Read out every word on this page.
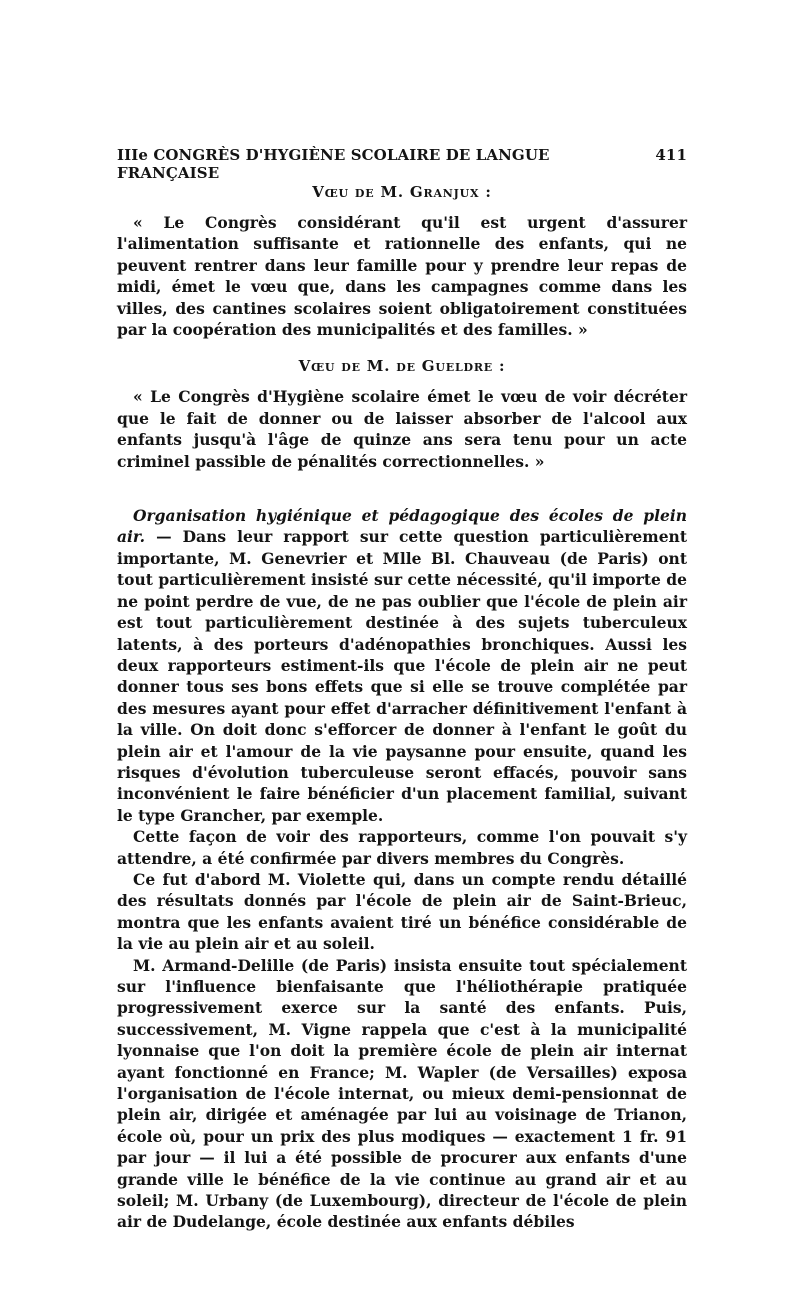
IIIe CONGRÈS D'HYGIÈNE SCOLAIRE DE LANGUE FRANÇAISE
411
Vœu de M. Granjux :

« Le Congrès considérant qu'il est urgent d'assurer l'alimentation suffisante et rationnelle des enfants, qui ne peuvent rentrer dans leur famille pour y prendre leur repas de midi, émet le vœu que, dans les campagnes comme dans les villes, des cantines scolaires soient obligatoirement constituées par la coopération des municipalités et des familles. »

Vœu de M. de Gueldre :

« Le Congrès d'Hygiène scolaire émet le vœu de voir décréter que le fait de donner ou de laisser absorber de l'alcool aux enfants jusqu'à l'âge de quinze ans sera tenu pour un acte criminel passible de pénalités correctionnelles. »

Organisation hygiénique et pédagogique des écoles de plein air. — Dans leur rapport sur cette question particulièrement importante, M. Genevrier et Mlle Bl. Chauveau (de Paris) ont tout particulièrement insisté sur cette nécessité, qu'il importe de ne point perdre de vue, de ne pas oublier que l'école de plein air est tout particulièrement destinée à des sujets tuberculeux latents, à des porteurs d'adénopathies bronchiques. Aussi les deux rapporteurs estiment-ils que l'école de plein air ne peut donner tous ses bons effets que si elle se trouve complétée par des mesures ayant pour effet d'arracher définitivement l'enfant à la ville. On doit donc s'efforcer de donner à l'enfant le goût du plein air et l'amour de la vie paysanne pour ensuite, quand les risques d'évolution tuberculeuse seront effacés, pouvoir sans inconvénient le faire bénéficier d'un placement familial, suivant le type Grancher, par exemple.

Cette façon de voir des rapporteurs, comme l'on pouvait s'y attendre, a été confirmée par divers membres du Congrès.

Ce fut d'abord M. Violette qui, dans un compte rendu détaillé des résultats donnés par l'école de plein air de Saint-Brieuc, montra que les enfants avaient tiré un bénéfice considérable de la vie au plein air et au soleil.

M. Armand-Delille (de Paris) insista ensuite tout spécialement sur l'influence bienfaisante que l'héliothérapie pratiquée progressivement exerce sur la santé des enfants. Puis, successivement, M. Vigne rappela que c'est à la municipalité lyonnaise que l'on doit la première école de plein air internat ayant fonctionné en France; M. Wapler (de Versailles) exposa l'organisation de l'école internat, ou mieux demi-pensionnat de plein air, dirigée et aménagée par lui au voisinage de Trianon, école où, pour un prix des plus modiques — exactement 1 fr. 91 par jour — il lui a été possible de procurer aux enfants d'une grande ville le bénéfice de la vie continue au grand air et au soleil; M. Urbany (de Luxembourg), directeur de l'école de plein air de Dudelange, école destinée aux enfants débiles
